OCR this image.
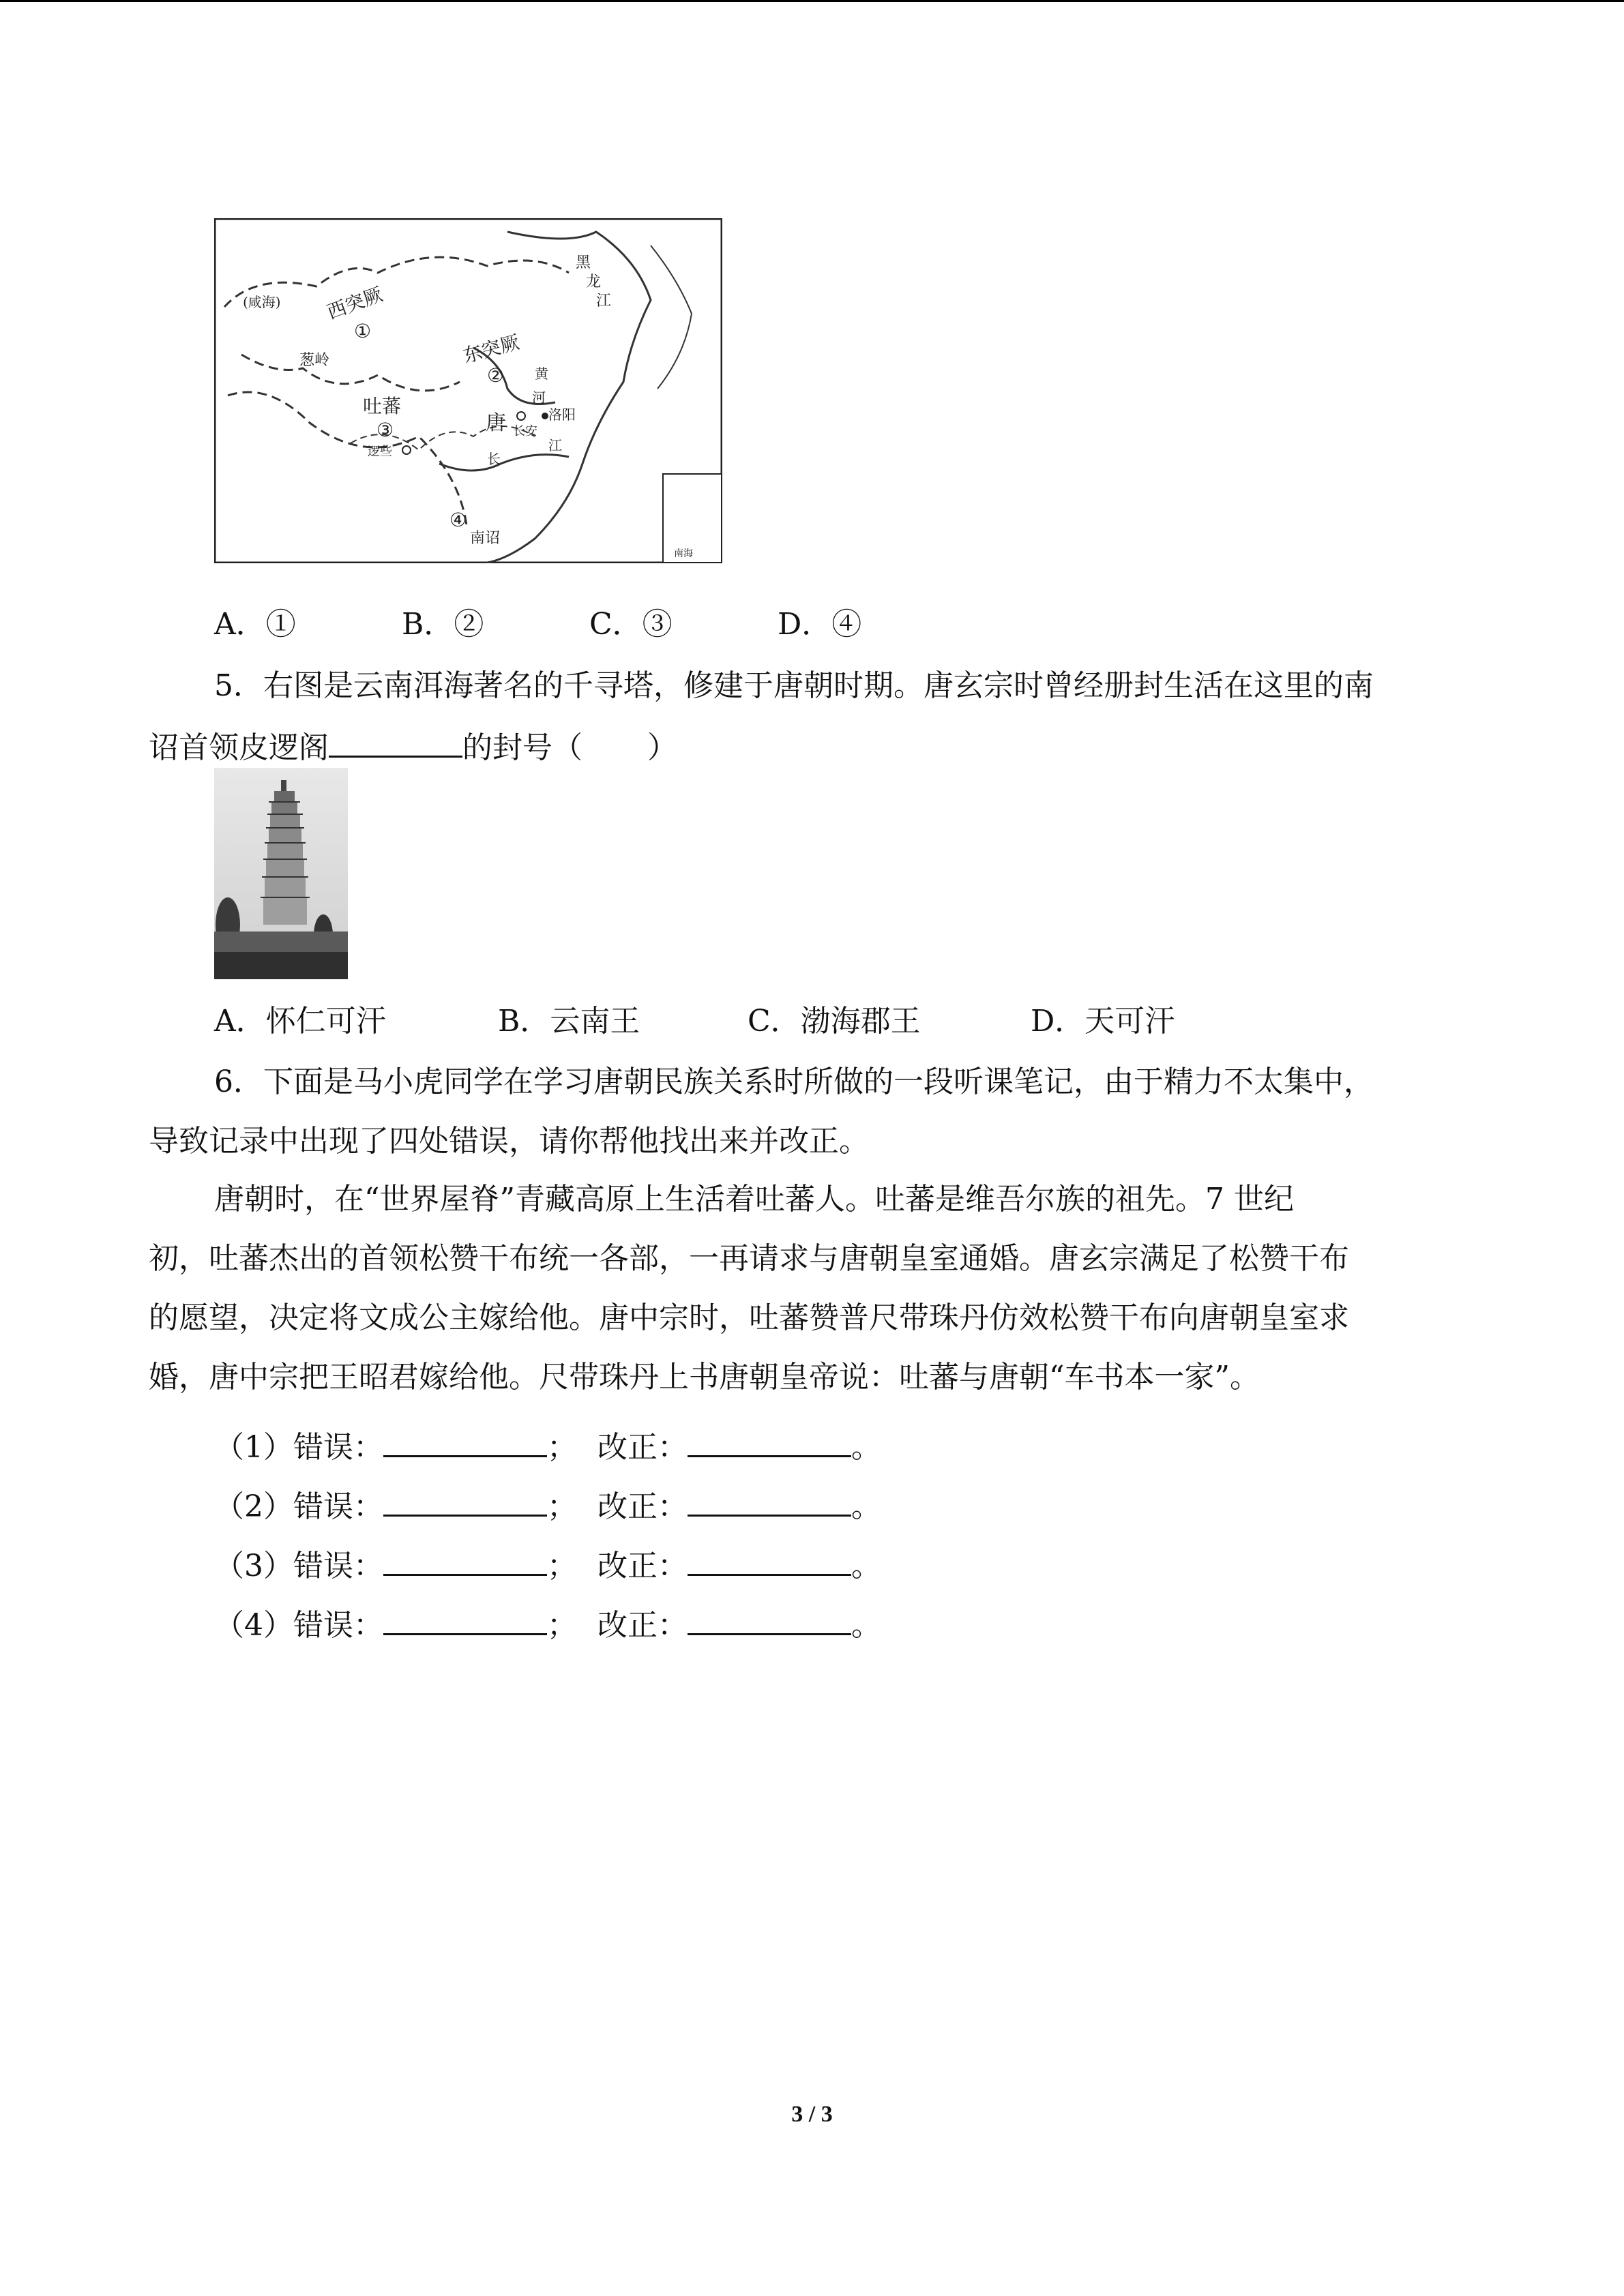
(咸海) 西突厥
①
葱岭	东突厥
②
黑
龙
江
黄
河
吐蕃
③
逻些
唐 长安
洛阳
长
江
④
南诏
南海
A．①	B．②	C．③	D．④
5．右图是云南洱海著名的千寻塔，修建于唐朝时期。唐玄宗时曾经册封生活在这里的南
诏首领皮逻阁	的封号（ ）
A．怀仁可汗	B．云南王	C．渤海郡王	D．天可汗
6．下面是马小虎同学在学习唐朝民族关系时所做的一段听课笔记，由于精力不太集中，
导致记录中出现了四处错误，请你帮他找出来并改正。
唐朝时，在“世界屋脊”青藏高原上生活着吐蕃人。吐蕃是维吾尔族的祖先。7 世纪
初，吐蕃杰出的首领松赞干布统一各部，一再请求与唐朝皇室通婚。唐玄宗满足了松赞干布
的愿望，决定将文成公主嫁给他。唐中宗时，吐蕃赞普尺带珠丹仿效松赞干布向唐朝皇室求
婚，唐中宗把王昭君嫁给他。尺带珠丹上书唐朝皇帝说：吐蕃与唐朝“车书本一家”。
（1）错误：	； 改正：	。
（2）错误：	； 改正：	。
（3）错误：	； 改正：	。
（4）错误：	； 改正：	。
3 / 3
